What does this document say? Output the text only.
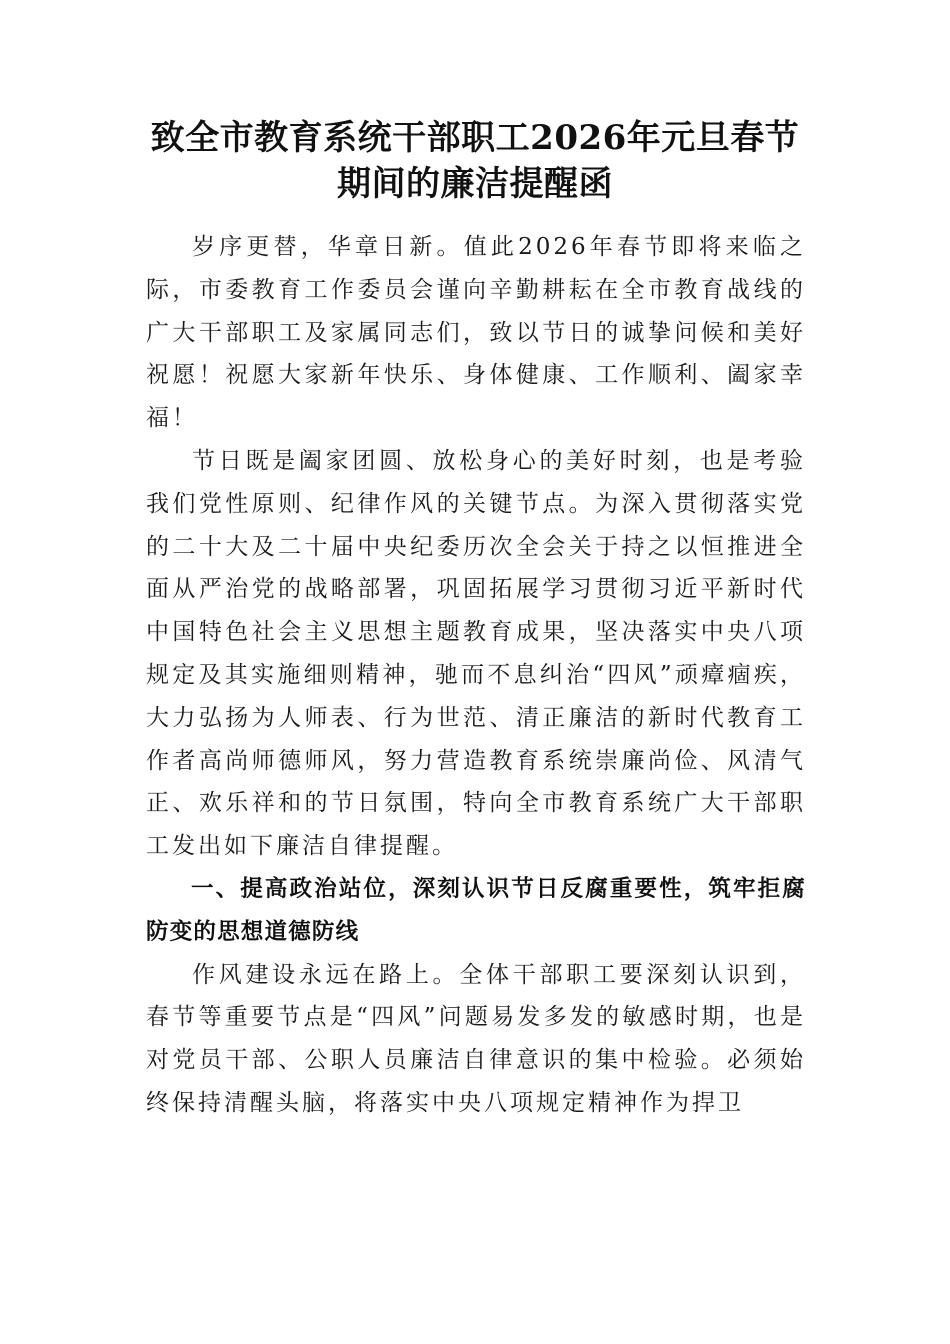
致全市教育系统干部职工2026年元旦春节
期间的廉洁提醒函

岁序更替，华章日新。值此2026年春节即将来临之际，市委教育工作委员会谨向辛勤耕耘在全市教育战线的广大干部职工及家属同志们，致以节日的诚挚问候和美好祝愿！祝愿大家新年快乐、身体健康、工作顺利、阖家幸福！

节日既是阖家团圆、放松身心的美好时刻，也是考验我们党性原则、纪律作风的关键节点。为深入贯彻落实党的二十大及二十届中央纪委历次全会关于持之以恒推进全面从严治党的战略部署，巩固拓展学习贯彻习近平新时代中国特色社会主义思想主题教育成果，坚决落实中央八项规定及其实施细则精神，驰而不息纠治“四风”顽瘴痼疾，大力弘扬为人师表、行为世范、清正廉洁的新时代教育工作者高尚师德师风，努力营造教育系统崇廉尚俭、风清气正、欢乐祥和的节日氛围，特向全市教育系统广大干部职工发出如下廉洁自律提醒。

一、提高政治站位，深刻认识节日反腐重要性，筑牢拒腐防变的思想道德防线

作风建设永远在路上。全体干部职工要深刻认识到，春节等重要节点是“四风”问题易发多发的敏感时期，也是对党员干部、公职人员廉洁自律意识的集中检验。必须始终保持清醒头脑，将落实中央八项规定精神作为捍卫
